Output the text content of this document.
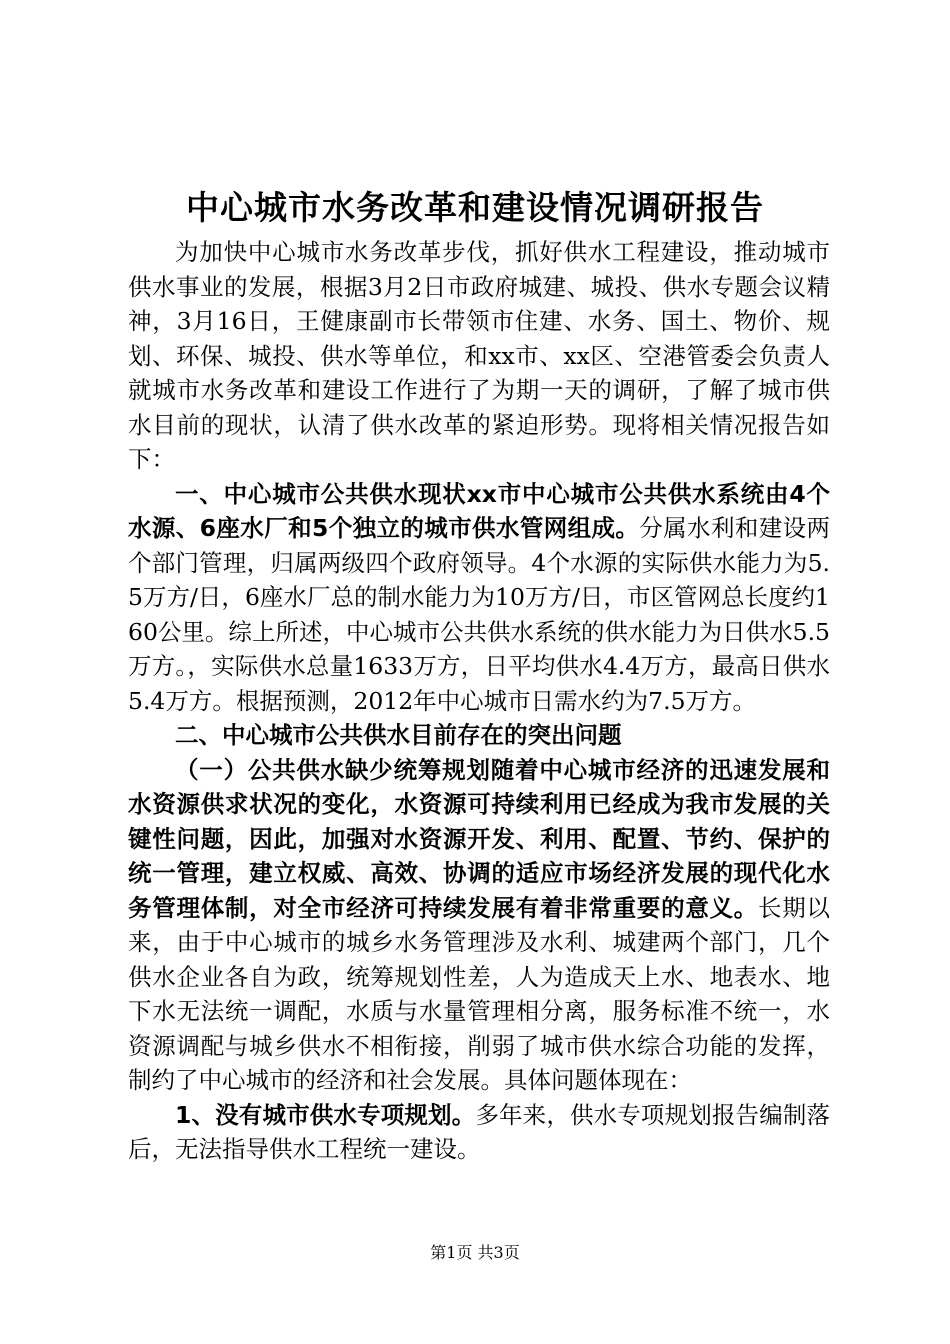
中心城市水务改革和建设情况调研报告

为加快中心城市水务改革步伐，抓好供水工程建设，推动城市供水事业的发展，根据3月2日市政府城建、城投、供水专题会议精神，3月16日，王健康副市长带领市住建、水务、国土、物价、规划、环保、城投、供水等单位，和xx市、xx区、空港管委会负责人就城市水务改革和建设工作进行了为期一天的调研，了解了城市供水目前的现状，认清了供水改革的紧迫形势。现将相关情况报告如下：

一、中心城市公共供水现状xx市中心城市公共供水系统由4个水源、6座水厂和5个独立的城市供水管网组成。分属水利和建设两个部门管理，归属两级四个政府领导。4个水源的实际供水能力为5.5万方/日，6座水厂总的制水能力为10万方/日，市区管网总长度约160公里。综上所述，中心城市公共供水系统的供水能力为日供水5.5万方。，实际供水总量1633万方，日平均供水4.4万方，最高日供水5.4万方。根据预测，2012年中心城市日需水约为7.5万方。

二、中心城市公共供水目前存在的突出问题

（一）公共供水缺少统筹规划随着中心城市经济的迅速发展和水资源供求状况的变化，水资源可持续利用已经成为我市发展的关键性问题，因此，加强对水资源开发、利用、配置、节约、保护的统一管理，建立权威、高效、协调的适应市场经济发展的现代化水务管理体制，对全市经济可持续发展有着非常重要的意义。长期以来，由于中心城市的城乡水务管理涉及水利、城建两个部门，几个供水企业各自为政，统筹规划性差，人为造成天上水、地表水、地下水无法统一调配，水质与水量管理相分离，服务标准不统一，水资源调配与城乡供水不相衔接，削弱了城市供水综合功能的发挥，制约了中心城市的经济和社会发展。具体问题体现在：

1、没有城市供水专项规划。多年来，供水专项规划报告编制落后，无法指导供水工程统一建设。

第1页 共3页
